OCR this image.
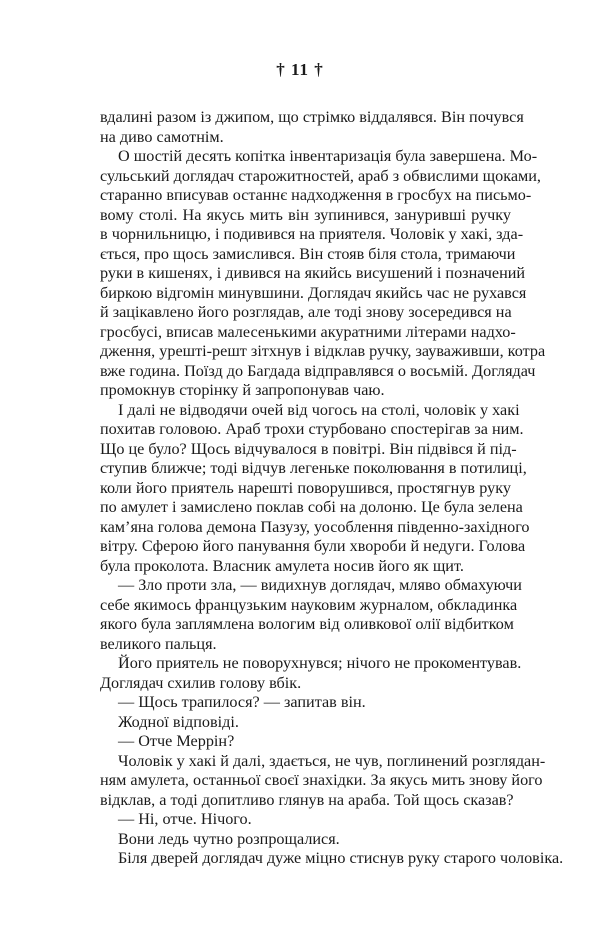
† 11 †
вдалині разом із джипом, що стрімко віддалявся. Він почувся
на диво самотнім.
О шостій десять копітка інвентаризація була завершена. Мо-
сульський доглядач старожитностей, араб з обвислими щоками,
старанно вписував останнє надходження в гросбух на письмо-
вому столі. На якусь мить він зупинився, занурившi ручку
в чорнильницю, і подивився на приятеля. Чоловік у хакі, зда-
ється, про щось замислився. Він стояв біля стола, тримаючи
руки в кишенях, і дивився на якийсь висушений і позначений
биркою відгомін минувшини. Доглядач якийсь час не рухався
й зацікавлено його розглядав, але тоді знову зосередився на
гросбусі, вписав малесенькими акуратними літерами надхо-
дження, урешті-решт зітхнув і відклав ручку, зауваживши, котра
вже година. Поїзд до Багдада відправлявся о восьмій. Доглядач
промокнув сторінку й запропонував чаю.
І далі не відводячи очей від чогось на столі, чоловік у хакі
похитав головою. Араб трохи стурбовано спостерігав за ним.
Що це було? Щось відчувалося в повітрі. Він підвівся й під-
ступив ближче; тоді відчув легеньке поколювання в потилиці,
коли його приятель нарешті поворушився, простягнув руку
по амулет і замислено поклав собі на долоню. Це була зелена
кам’яна голова демона Пазузу, уособлення південно-західного
вітру. Сферою його панування були хвороби й недуги. Голова
була проколота. Власник амулета носив його як щит.
— Зло проти зла, — видихнув доглядач, мляво обмахуючи
себе якимось французьким науковим журналом, обкладинка
якого була заплямлена вологим від оливкової олії відбитком
великого пальця.
Його приятель не поворухнувся; нічого не прокоментував.
Доглядач схилив голову вбік.
— Щось трапилося? — запитав він.
Жодної відповіді.
— Отче Меррін?
Чоловік у хакі й далі, здається, не чув, поглинений розглядан-
ням амулета, останньої своєї знахідки. За якусь мить знову його
відклав, а тоді допитливо глянув на араба. Той щось сказав?
— Ні, отче. Нічого.
Вони ледь чутно розпрощалися.
Біля дверей доглядач дуже міцно стиснув руку старого чоловіка.
